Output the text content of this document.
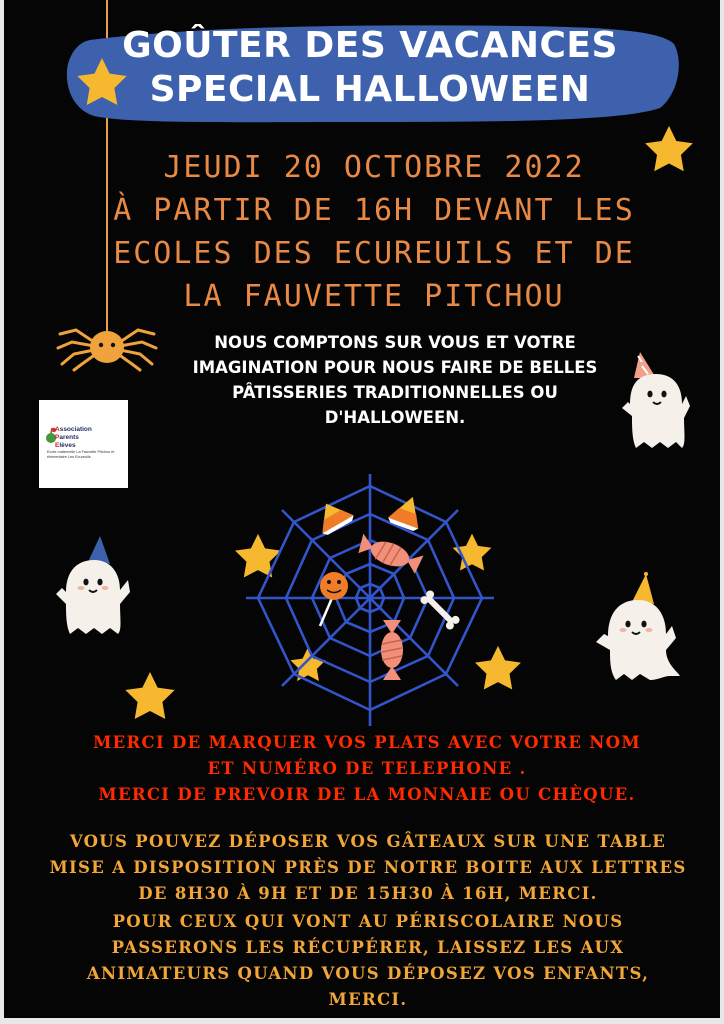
GOÛTER DES VACANCES
SPECIAL HALLOWEEN
JEUDI 20 OCTOBRE 2022
À PARTIR DE 16H DEVANT LES
ECOLES DES ECUREUILS ET DE
LA FAUVETTE PITCHOU
NOUS COMPTONS SUR VOUS ET VOTRE
IMAGINATION POUR NOUS FAIRE DE BELLES
PÂTISSERIES TRADITIONNELLES OU
D'HALLOWEEN.
Association
Parents
Elèves
Ecole maternelle La Fauvette Pitchou et élémentaire Les Ecureuils
MERCI DE MARQUER VOS PLATS AVEC VOTRE NOM
ET NUMÉRO DE TELEPHONE .
MERCI DE PREVOIR DE LA MONNAIE OU CHÈQUE.
VOUS POUVEZ DÉPOSER VOS GÂTEAUX SUR UNE TABLE
MISE A DISPOSITION PRÈS DE NOTRE BOITE AUX LETTRES
DE 8H30 À 9H ET DE 15H30 À 16H, MERCI.
POUR CEUX QUI VONT AU PÉRISCOLAIRE NOUS
PASSERONS LES RÉCUPÉRER, LAISSEZ LES AUX
ANIMATEURS QUAND VOUS DÉPOSEZ VOS ENFANTS,
MERCI.
